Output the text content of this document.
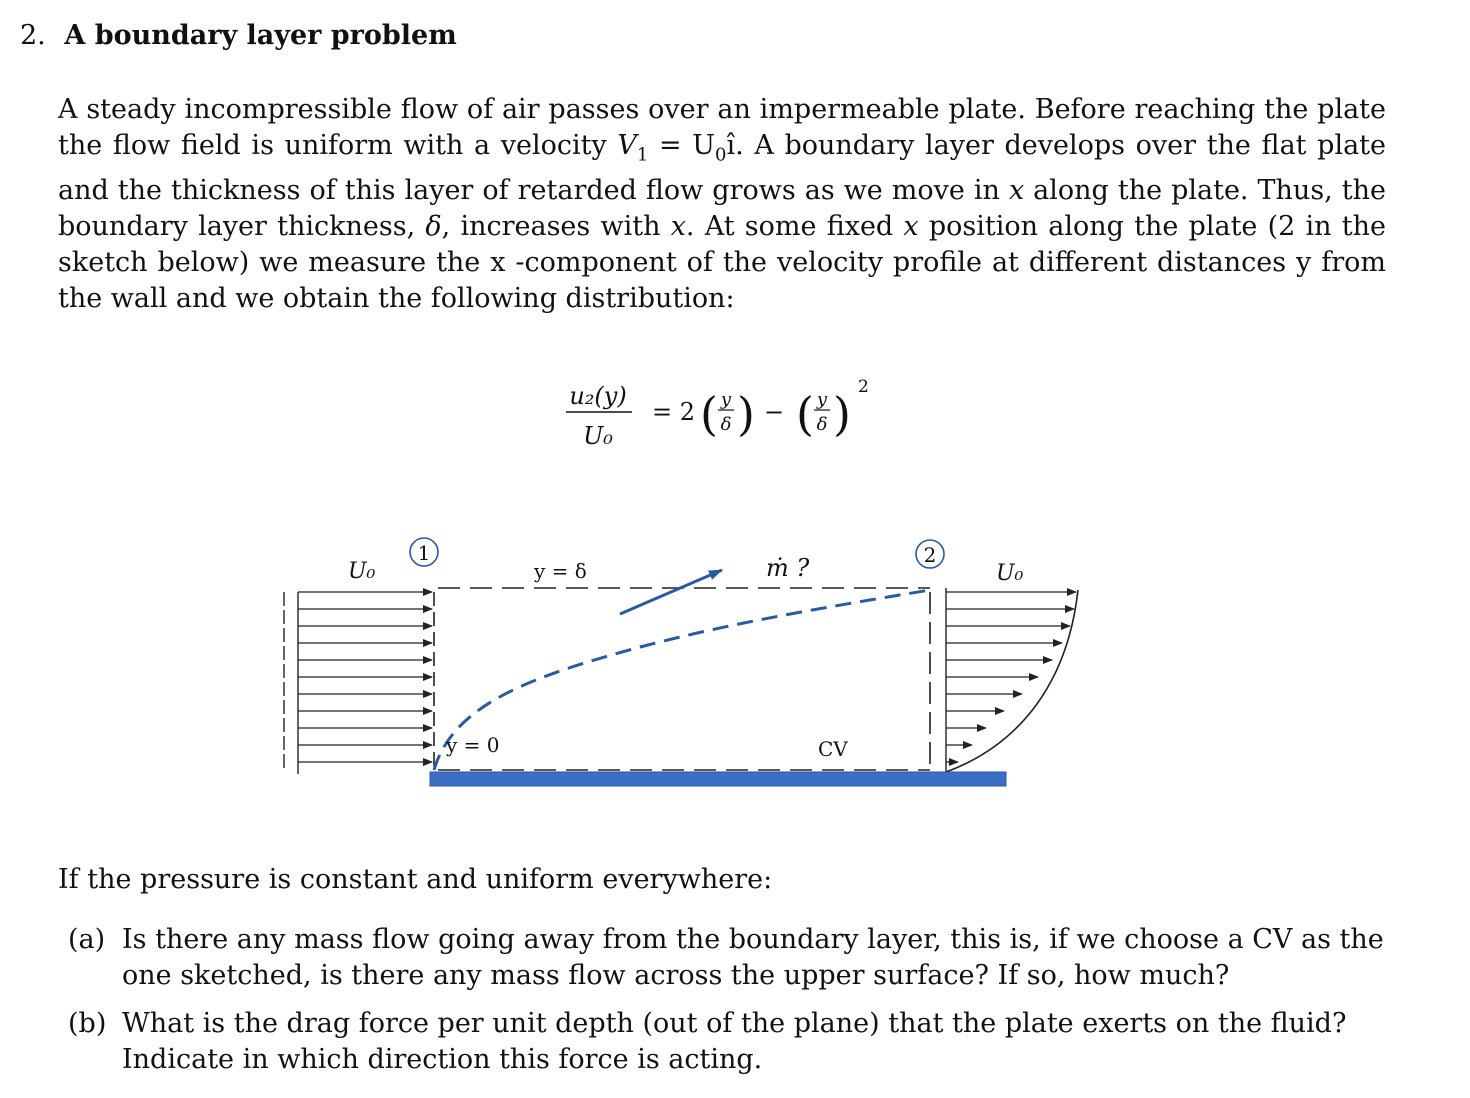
2. A boundary layer problem
A steady incompressible flow of air passes over an impermeable plate. Before reaching the plate the flow field is uniform with a velocity $V_1$ = $U_0î$. A boundary layer develops over the flat plate and the thickness of this layer of retarded flow grows as we move in x along the plate. Thus, the boundary layer thickness, δ, increases with x. At some fixed x position along the plate (2 in the sketch below) we measure the x -component of the velocity profile at different distances y from the wall and we obtain the following distribution:
u₂(y)
U₀
= 2 ( y
δ ) − ( y
δ ) 2
U₀
1
y = δ	ṁ ?	2
U₀
y = 0	CV
If the pressure is constant and uniform everywhere:
(a) Is there any mass flow going away from the boundary layer, this is, if we choose a CV as the one sketched, is there any mass flow across the upper surface? If so, how much?
(b) What is the drag force per unit depth (out of the plane) that the plate exerts on the fluid? Indicate in which direction this force is acting.
